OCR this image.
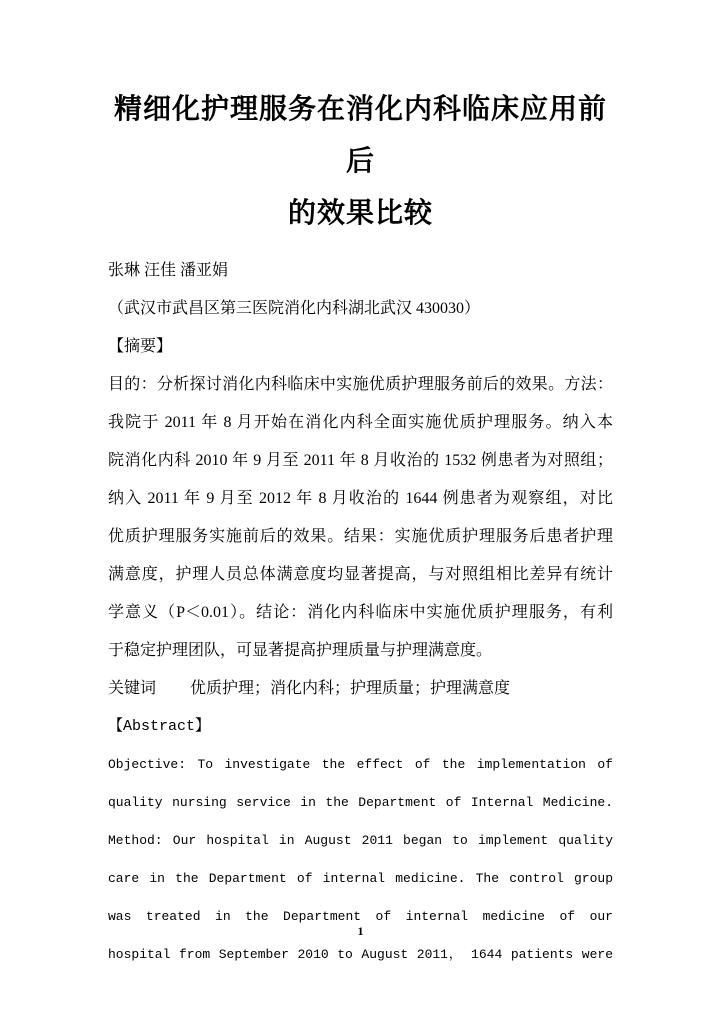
精细化护理服务在消化内科临床应用前后
的效果比较
张琳 汪佳 潘亚娟
（武汉市武昌区第三医院消化内科湖北武汉 430030）
【摘要】
目的：分析探讨消化内科临床中实施优质护理服务前后的效果。方法：
我院于 2011 年 8 月开始在消化内科全面实施优质护理服务。纳入本
院消化内科 2010 年 9 月至 2011 年 8 月收治的 1532 例患者为对照组；
纳入 2011 年 9 月至 2012 年 8 月收治的 1644 例患者为观察组，对比
优质护理服务实施前后的效果。结果：实施优质护理服务后患者护理
满意度，护理人员总体满意度均显著提高，与对照组相比差异有统计
学意义（P＜0.01）。结论：消化内科临床中实施优质护理服务，有利
于稳定护理团队，可显著提高护理质量与护理满意度。
关键词 优质护理；消化内科；护理质量；护理满意度
【Abstract】
Objective: To investigate the effect of the implementation of
quality nursing service in the Department of Internal Medicine.
Method: Our hospital in August 2011 began to implement quality
care in the Department of internal medicine. The control group
was treated in the Department of internal medicine of our
hospital from September 2010 to August 2011， 1644 patients were
1
